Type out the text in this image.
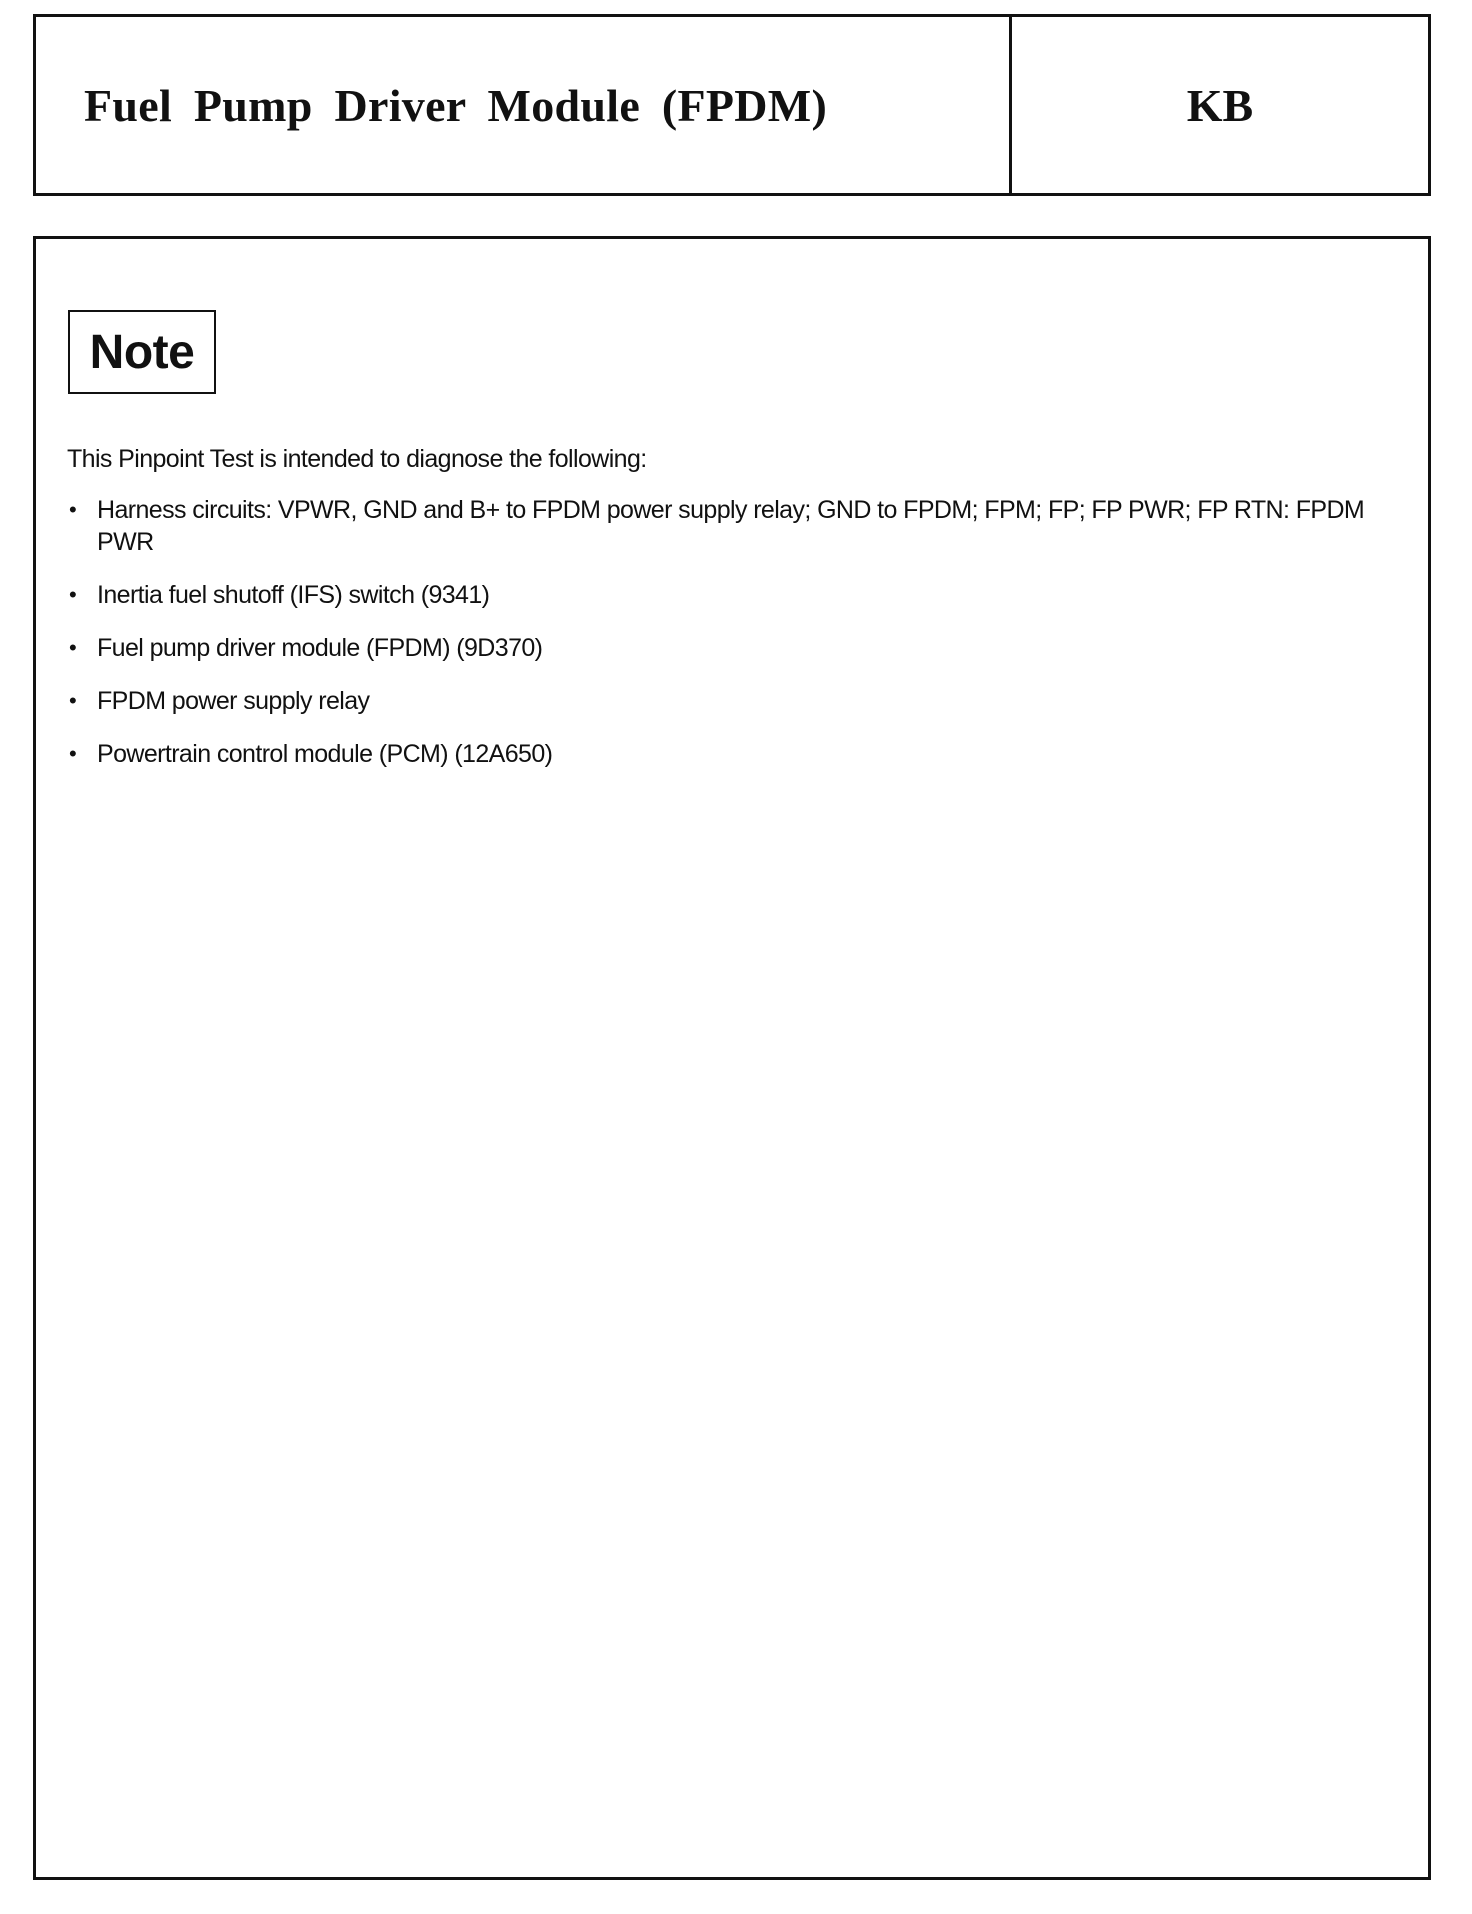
Fuel Pump Driver Module (FPDM)	KB
Note

This Pinpoint Test is intended to diagnose the following:

• Harness circuits: VPWR, GND and B+ to FPDM power supply relay; GND to FPDM; FPM; FP; FP PWR; FP RTN: FPDM PWR
• Inertia fuel shutoff (IFS) switch (9341)
• Fuel pump driver module (FPDM) (9D370)
• FPDM power supply relay
• Powertrain control module (PCM) (12A650)
